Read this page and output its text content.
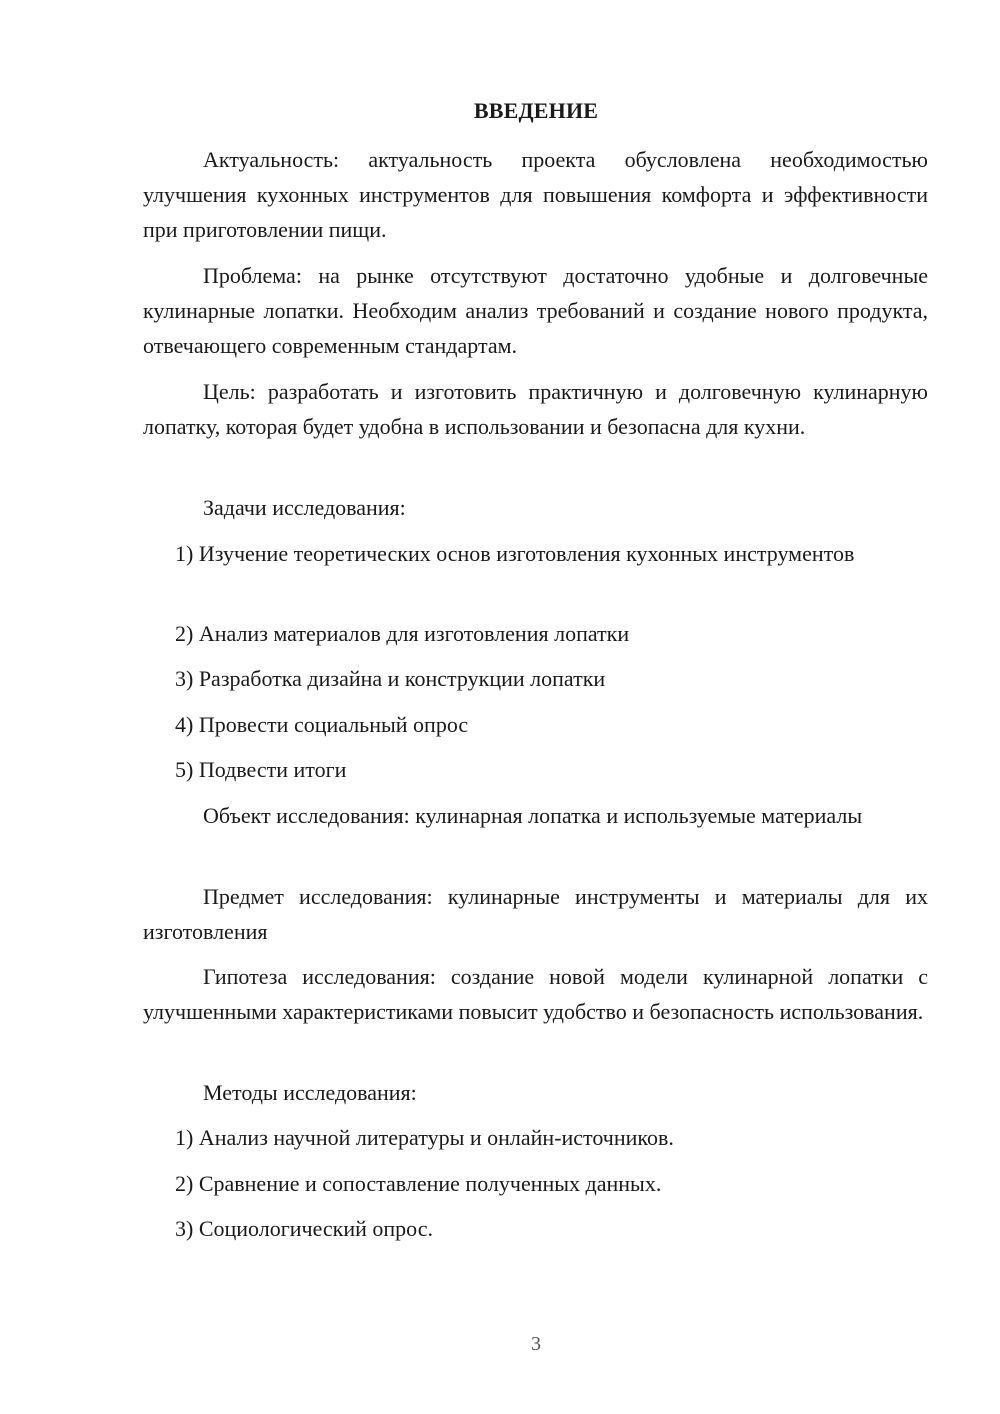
ВВЕДЕНИЕ
Актуальность: актуальность проекта обусловлена необходимостью улучшения кухонных инструментов для повышения комфорта и эффективности при приготовлении пищи.
Проблема: на рынке отсутствуют достаточно удобные и долговечные кулинарные лопатки. Необходим анализ требований и создание нового продукта, отвечающего современным стандартам.
Цель: разработать и изготовить практичную и долговечную кулинарную лопатку, которая будет удобна в использовании и безопасна для кухни.
Задачи исследования:
1) Изучение теоретических основ изготовления кухонных инструментов
2) Анализ материалов для изготовления лопатки
3) Разработка дизайна и конструкции лопатки
4) Провести социальный опрос
5) Подвести итоги
Объект исследования: кулинарная лопатка и используемые материалы
Предмет исследования: кулинарные инструменты и материалы для их изготовления
Гипотеза исследования: создание новой модели кулинарной лопатки с улучшенными характеристиками повысит удобство и безопасность использования.
Методы исследования:
1) Анализ научной литературы и онлайн-источников.
2) Сравнение и сопоставление полученных данных.
3) Социологический опрос.
3
